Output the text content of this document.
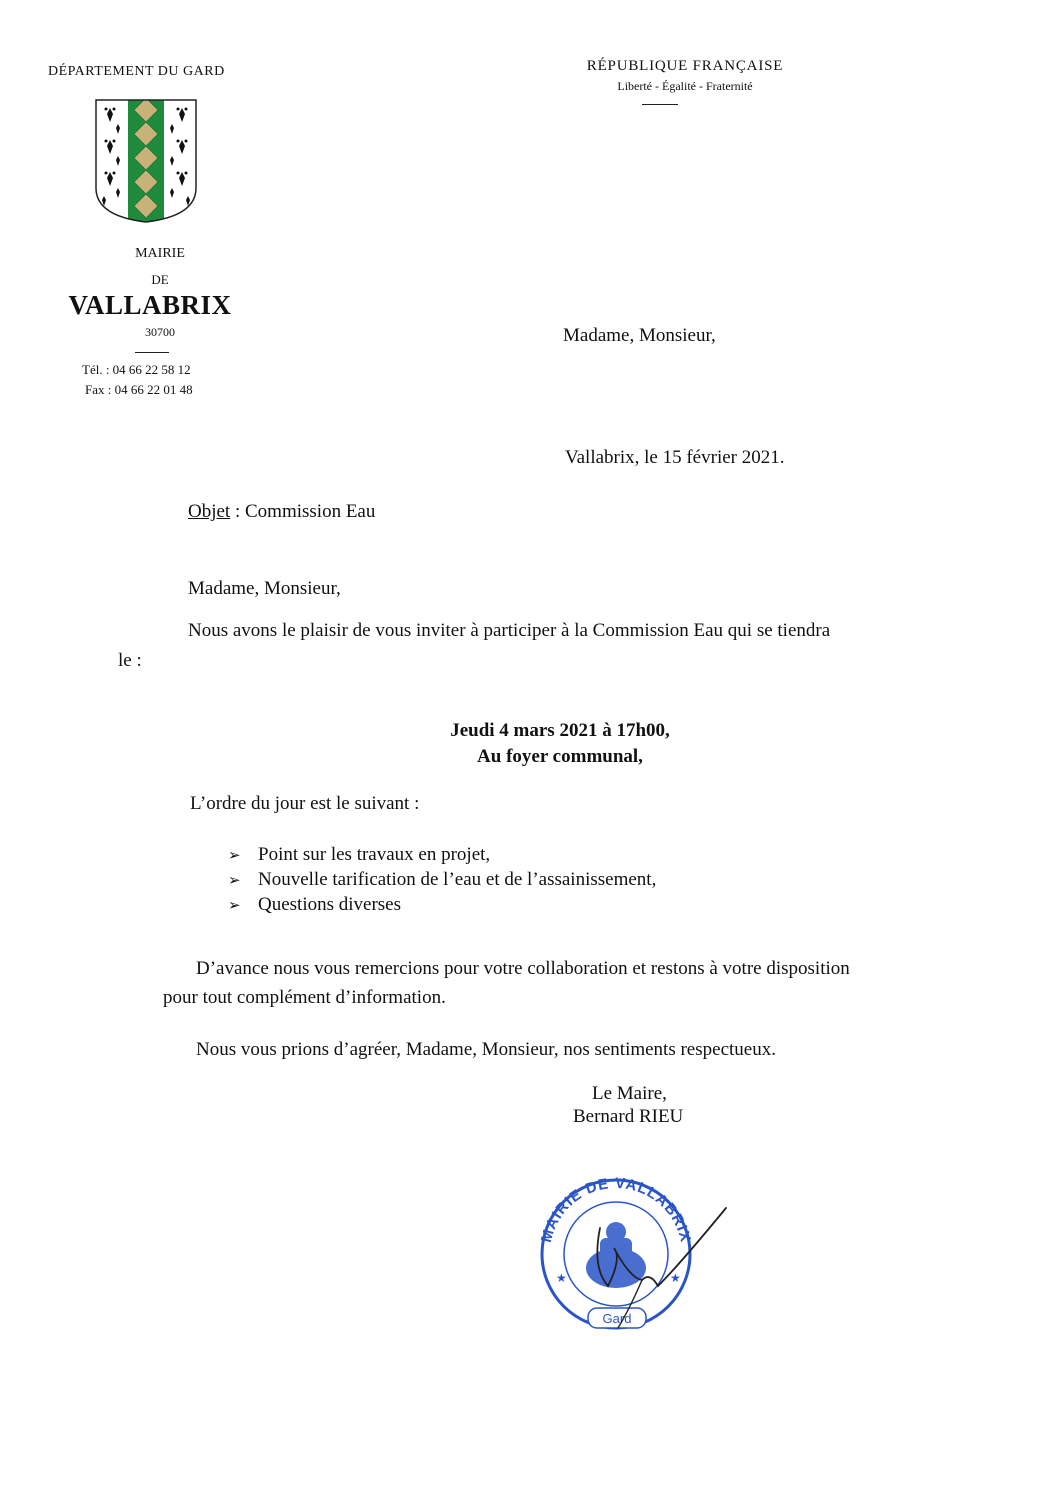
DÉPARTEMENT DU GARD
MAIRIE
DE
VALLABRIX
30700
Tél. : 04 66 22 58 12
Fax : 04 66 22 01 48
RÉPUBLIQUE FRANÇAISE
Liberté - Égalité - Fraternité
Madame, Monsieur,
Vallabrix, le 15 février 2021.
Objet : Commission Eau
Madame, Monsieur,
Nous avons le plaisir de vous inviter à participer à la Commission Eau qui se tiendra
le :
Jeudi 4 mars 2021 à 17h00,
Au foyer communal,
L’ordre du jour est le suivant :
➢ Point sur les travaux en projet,
➢ Nouvelle tarification de l’eau et de l’assainissement,
➢ Questions diverses
D’avance nous vous remercions pour votre collaboration et restons à votre disposition
pour tout complément d’information.
Nous vous prions d’agréer, Madame, Monsieur, nos sentiments respectueux.
Le Maire,
Bernard RIEU
MAIRIE DE VALLABRIX
Gard
★	★
